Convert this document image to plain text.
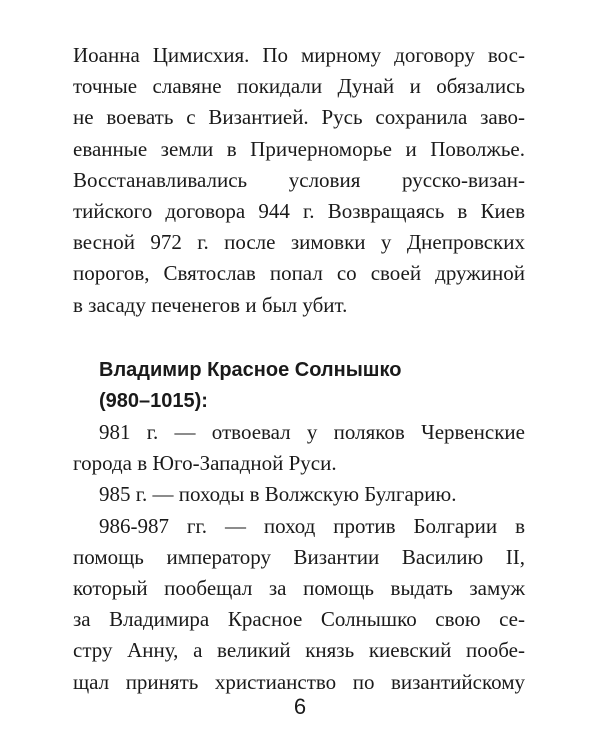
Иоанна Цимисхия. По мирному договору вос-
точные славяне покидали Дунай и обязались
не воевать с Византией. Русь сохранила заво-
еванные земли в Причерноморье и Поволжье.
Восстанавливались условия русско-визан-
тийского договора 944 г. Возвращаясь в Киев
весной 972 г. после зимовки у Днепровских
порогов, Святослав попал со своей дружиной
в засаду печенегов и был убит.
Владимир Красное Солнышко
(980–1015):
981 г. — отвоевал у поляков Червенские
города в Юго-Западной Руси.
985 г. — походы в Волжскую Булгарию.
986-987 гг. — поход против Болгарии в
помощь императору Византии Василию II,
который пообещал за помощь выдать замуж
за Владимира Красное Солнышко свою се-
стру Анну, а великий князь киевский пообе-
щал принять христианство по византийскому
6
